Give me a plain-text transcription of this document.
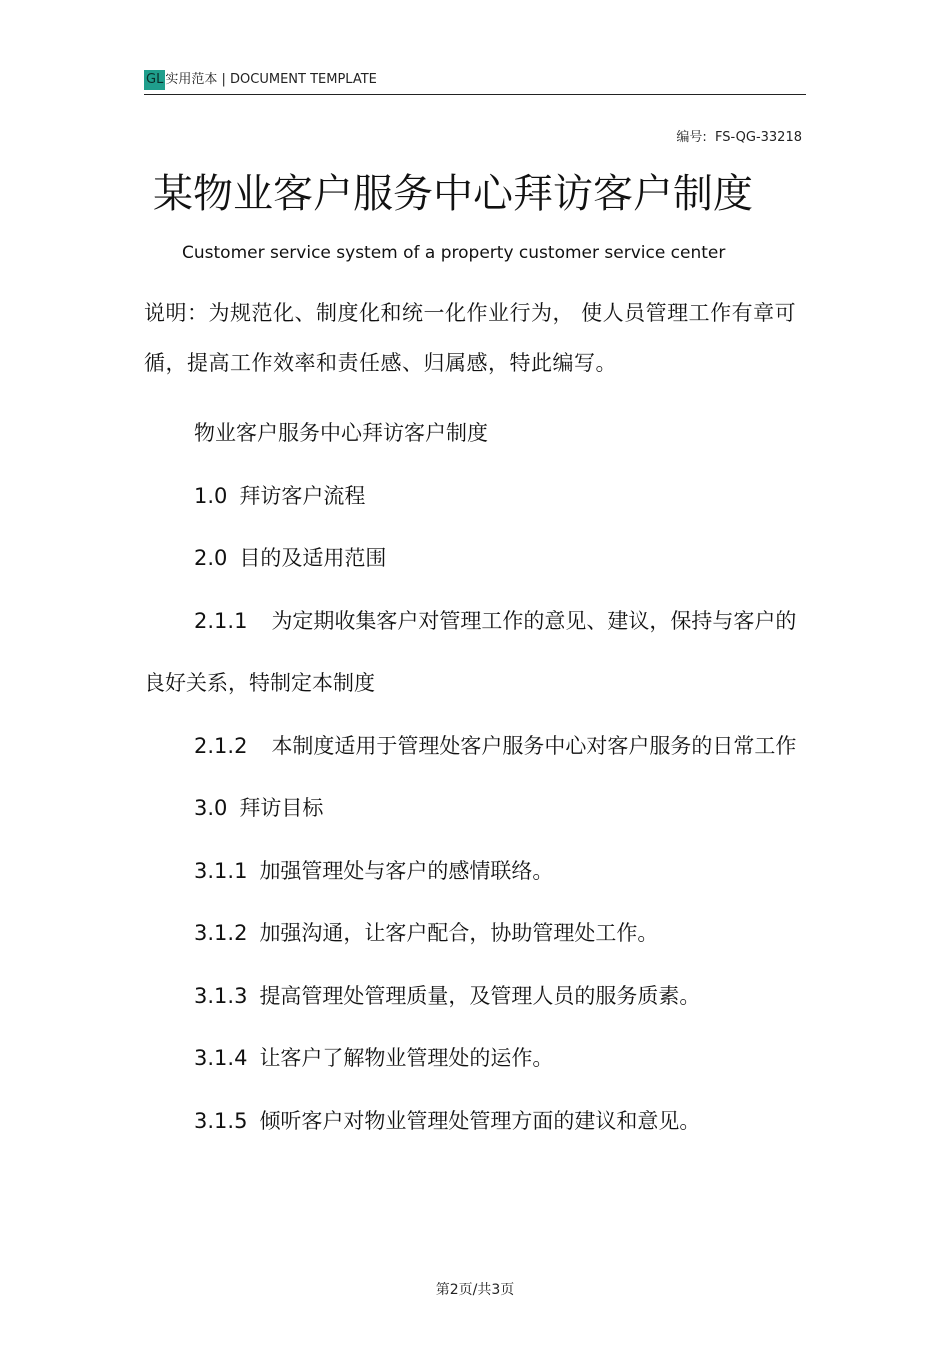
GL 实用范本 | DOCUMENT TEMPLATE
编号: FS-QG-33218
某物业客户服务中心拜访客户制度
Customer service system of a property customer service center
说明：为规范化、制度化和统一化作业行为， 使人员管理工作有章可循，提高工作效率和责任感、归属感，特此编写。

物业客户服务中心拜访客户制度

1.0 拜访客户流程

2.0 目的及适用范围

2.1.1 为定期收集客户对管理工作的意见、建议，保持与客户的良好关系，特制定本制度

2.1.2 本制度适用于管理处客户服务中心对客户服务的日常工作

3.0 拜访目标

3.1.1 加强管理处与客户的感情联络。

3.1.2 加强沟通，让客户配合，协助管理处工作。

3.1.3 提高管理处管理质量，及管理人员的服务质素。

3.1.4 让客户了解物业管理处的运作。

3.1.5 倾听客户对物业管理处管理方面的建议和意见。

第2页/共3页
